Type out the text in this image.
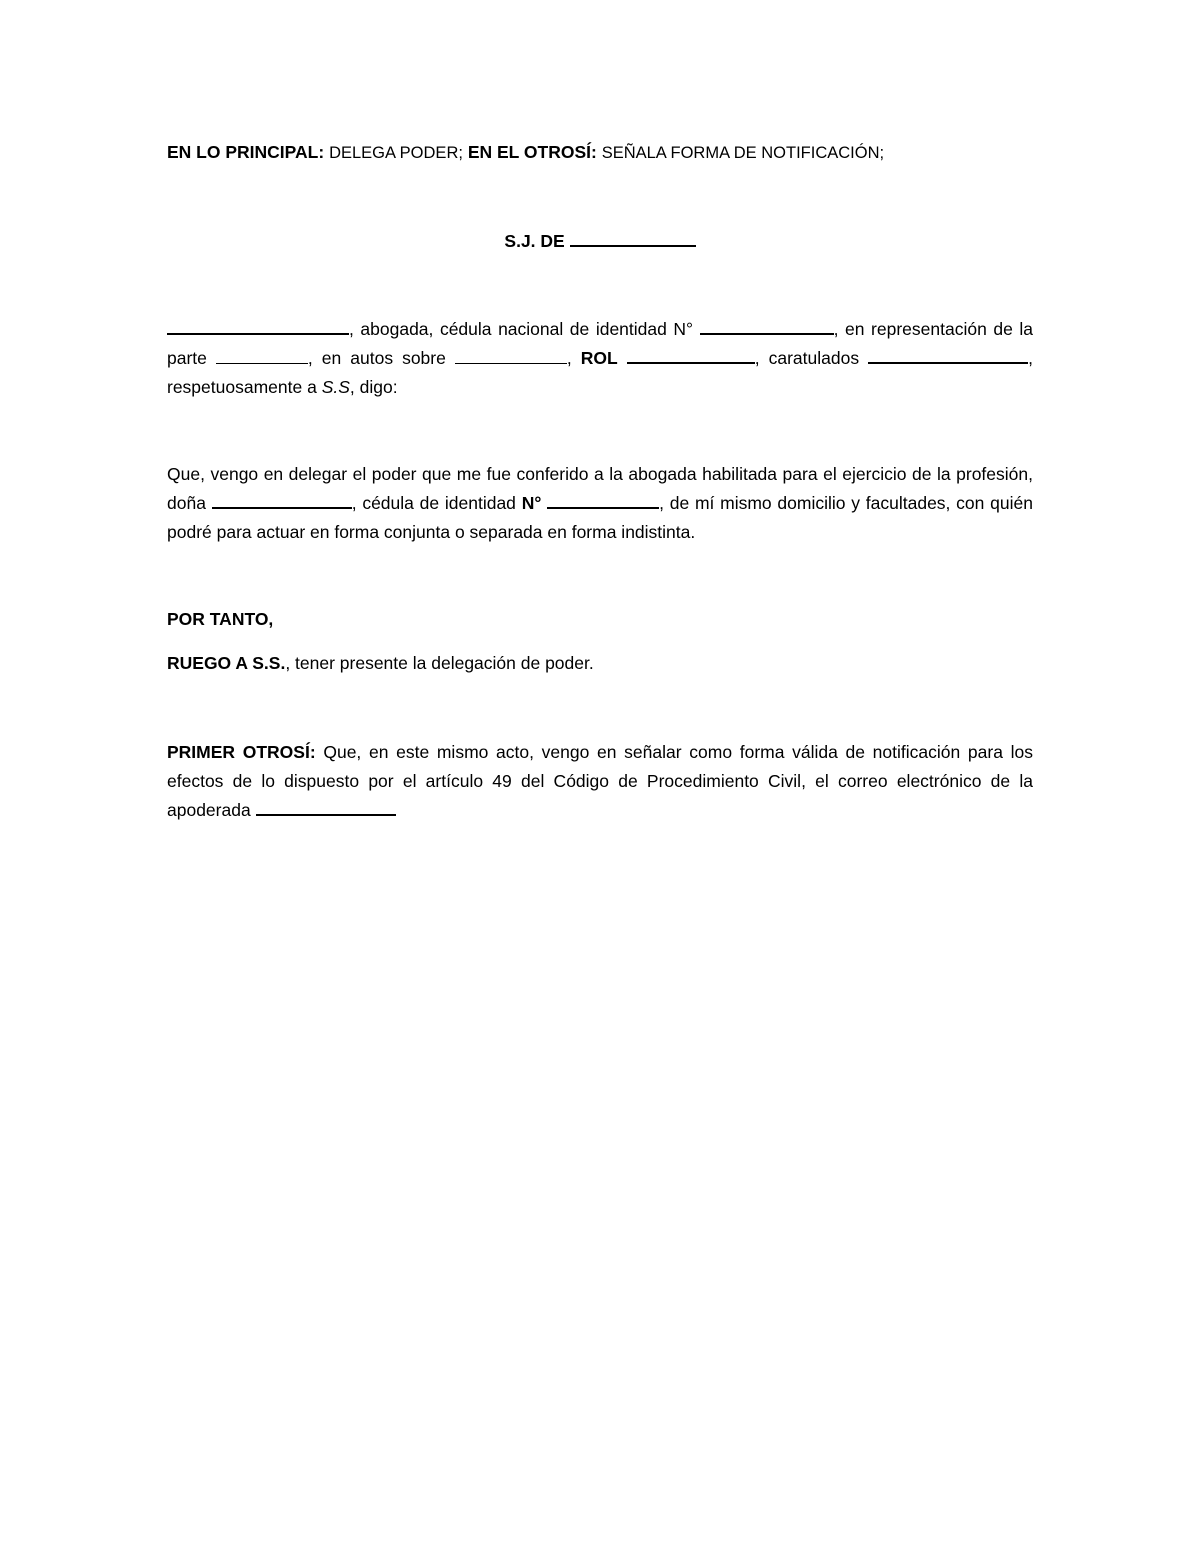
EN LO PRINCIPAL: DELEGA PODER; EN EL OTROSÍ: SEÑALA FORMA DE NOTIFICACIÓN;

S.J. DE

, abogada, cédula nacional de identidad N°	, en representación de la parte	, en autos sobre	, ROL	, caratulados	, respetuosamente a S.S, digo:

Que, vengo en delegar el poder que me fue conferido a la abogada habilitada para el ejercicio de la profesión, doña	, cédula de identidad N°	, de mí mismo domicilio y facultades, con quién podré para actuar en forma conjunta o separada en forma indistinta.

POR TANTO,

RUEGO A S.S., tener presente la delegación de poder.

PRIMER OTROSÍ: Que, en este mismo acto, vengo en señalar como forma válida de notificación para los efectos de lo dispuesto por el artículo 49 del Código de Procedimiento Civil, el correo electrónico de la apoderada
